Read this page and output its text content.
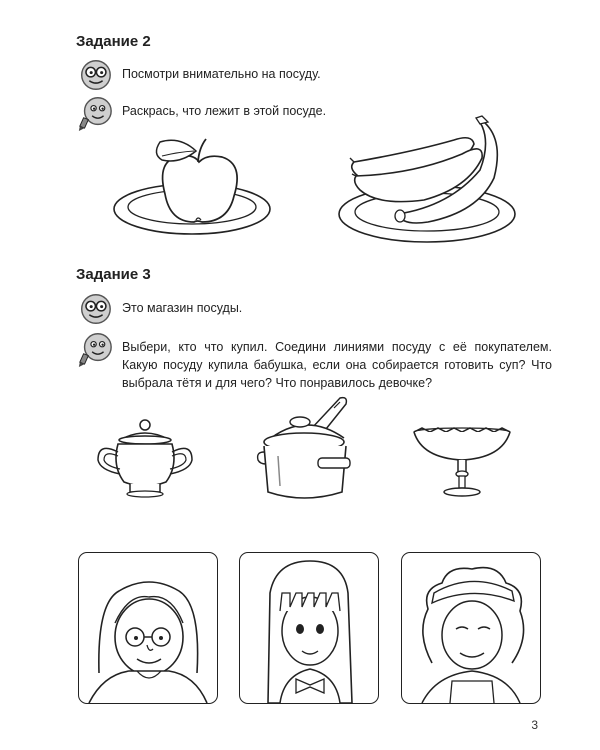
Задание 2
Посмотри внимательно на посуду.
Раскрась, что лежит в этой посуде.
Задание 3
Это магазин посуды.
Выбери, кто что купил. Соедини линиями посуду с её покупателем. Какую посуду купила бабушка, если она собирается готовить суп? Что выбрала тётя и для чего? Что понравилось девочке?
3
